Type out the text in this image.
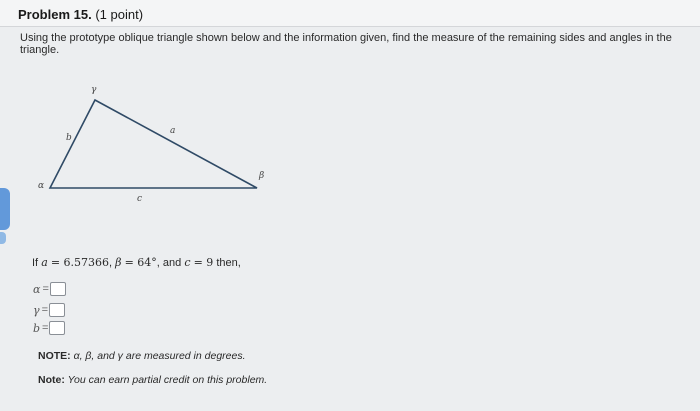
Problem 15. (1 point)
Using the prototype oblique triangle shown below and the information given, find the measure of the remaining sides and angles in the triangle.
α
β
γ
a
b
c
If a = 6.57366, β = 64°, and c = 9 then,
α =
γ =
b =
NOTE: α, β, and γ are measured in degrees.
Note: You can earn partial credit on this problem.
